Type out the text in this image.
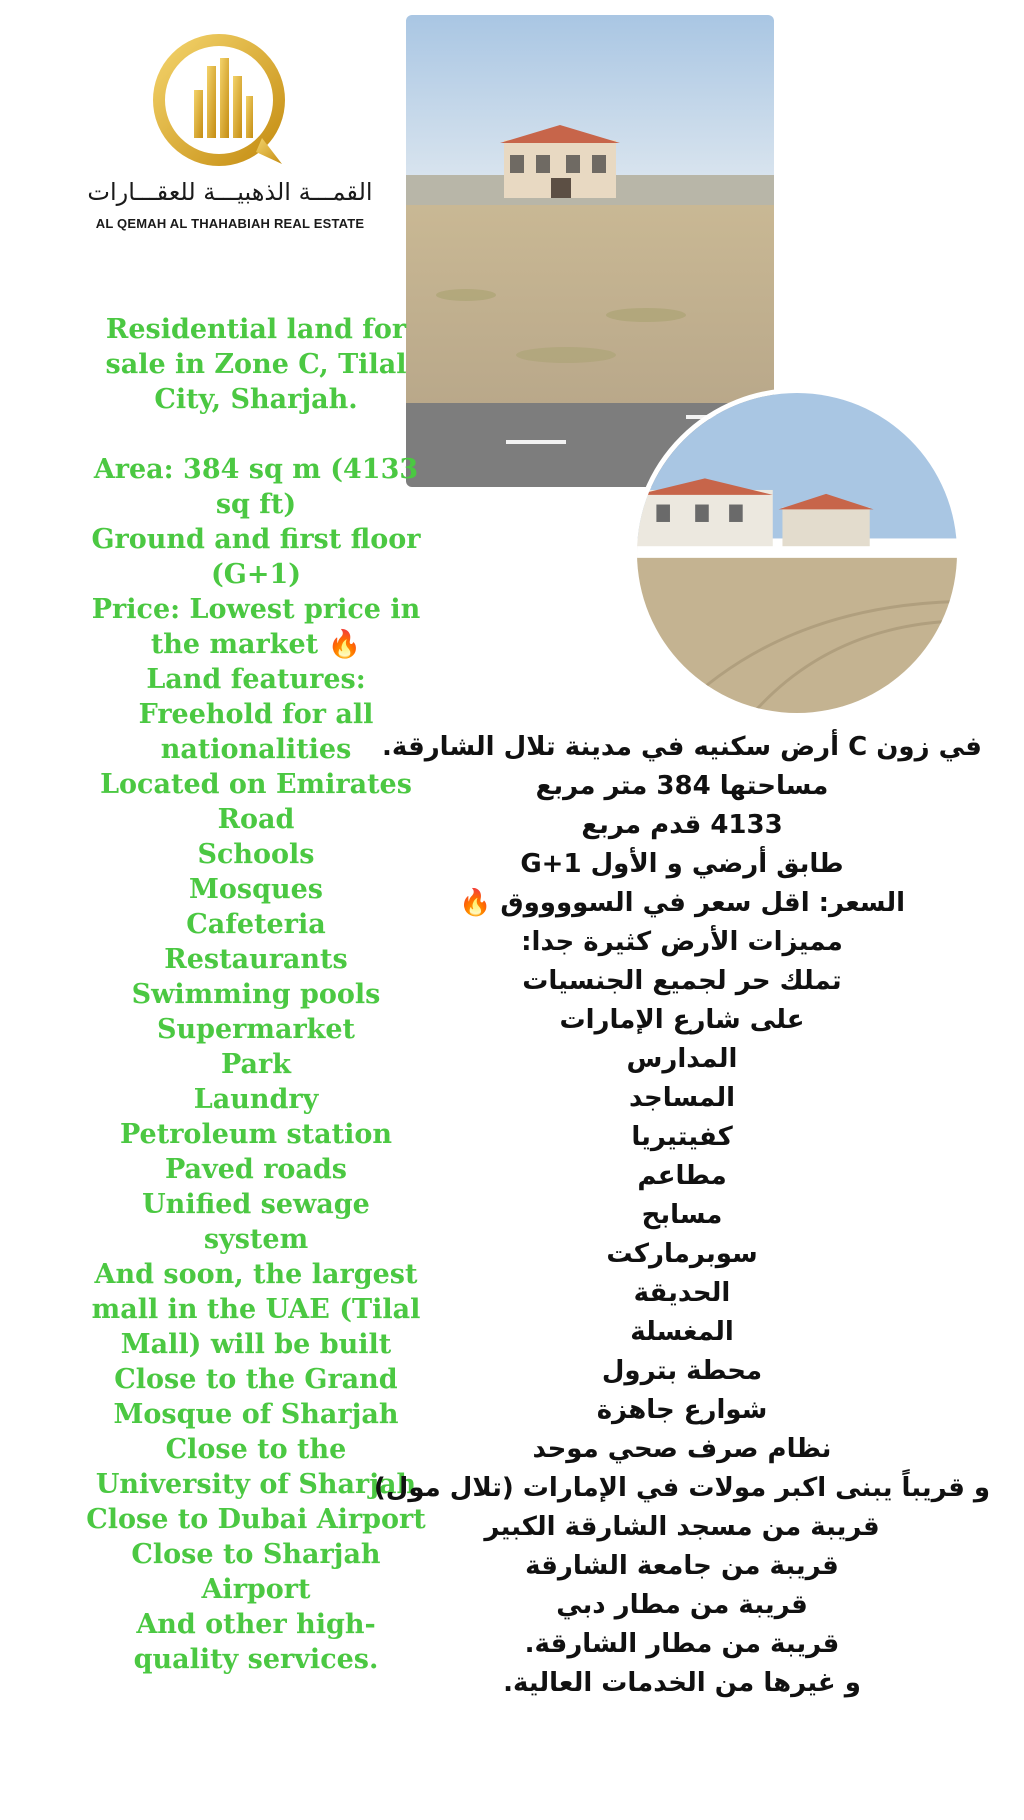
القمـــة الذهبيـــة للعقـــارات
AL QEMAH AL THAHABIAH REAL ESTATE
Residential land for sale in Zone C, Tilal City, Sharjah.
Area: 384 sq m (4133 sq ft)
Ground and first floor (G+1)
Price: Lowest price in the market 🔥
Land features:
Freehold for all nationalities
Located on Emirates Road
Schools
Mosques
Cafeteria
Restaurants
Swimming pools
Supermarket
Park
Laundry
Petroleum station
Paved roads
Unified sewage system
And soon, the largest mall in the UAE (Tilal Mall) will be built
Close to the Grand Mosque of Sharjah
Close to the University of Sharjah
Close to Dubai Airport
Close to Sharjah Airport
And other high-quality services.
في زون C أرض سكنيه في مدينة تلال الشارقة.
مساحتها 384 متر مربع
4133 قدم مربع
طابق أرضي و الأول G+1
السعر: اقل سعر في السووووق 🔥
مميزات الأرض كثيرة جدا:
تملك حر لجميع الجنسيات
على شارع الإمارات
المدارس
المساجد
كفيتيريا
مطاعم
مسابح
سوبرماركت
الحديقة
المغسلة
محطة بترول
شوارع جاهزة
نظام صرف صحي موحد
و قريباً يبنى اكبر مولات في الإمارات (تلال مول)
قريبة من مسجد الشارقة الكبير
قريبة من جامعة الشارقة
قريبة من مطار دبي
قريبة من مطار الشارقة.
و غيرها من الخدمات العالية.
